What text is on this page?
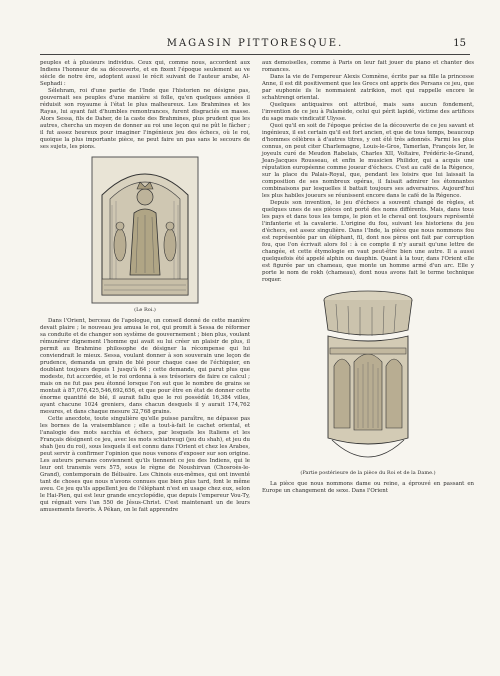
MAGASIN PITTORESQUE.	15

peuples et à plusieurs individus. Ceux qui, comme nous, accordent aux Indiens l'honneur de sa découverte, et en fixent l'époque seulement au ve siècle de notre ère, adoptent aussi le récit suivant de l'auteur arabe, Al-Sephadi :

Sélehram, roi d'une partie de l'Inde que l'historien ne désigne pas, gouvernait ses peuples d'une manière si folle, qu'en quelques années il réduisit son royaume à l'état le plus malheureux. Les Brahmines et les Rayas, lui ayant fait d'humbles remontrances, furent disgraciés en masse. Alors Sessa, fils de Daher, de la caste des Brahmines, plus prudent que les autres, chercha un moyen de donner au roi une leçon qui ne pût le fâcher ; il fut assez heureux pour imaginer l'ingénieux jeu des échecs, où le roi, quoique la plus importante pièce, ne peut faire un pas sans le secours de ses sujets, les pions.

(Le Roi.)

Dans l'Orient, berceau de l'apologue, un conseil donné de cette manière devait plaire ; le nouveau jeu amusa le roi, qui promit à Sessa de réformer sa conduite et de changer son système de gouvernement ; bien plus, voulant rémunérer dignement l'homme qui avait su lui créer un plaisir de plus, il permit au Brahmine philosophe de désigner la récompense qui lui conviendrait le mieux. Sessa, voulant donner à son souverain une leçon de prudence, demanda un grain de blé pour chaque case de l'échiquier, en doublant toujours depuis 1 jusqu'à 64 ; cette demande, qui parut plus que modeste, fut accordée, et le roi ordonna à ses trésoriers de faire ce calcul ; mais on ne fut pas peu étonné lorsque l'on sut que le nombre de grains se montait à 87,076,425,546,692,656, et que pour être en état de donner cette énorme quantité de blé, il aurait fallu que le roi possédât 16,384 villes, ayant chacune 1024 greniers, dans chacun desquels il y aurait 174,762 mesures, et dans chaque mesure 32,768 grains.

Cette anecdote, toute singulière qu'elle puisse paraître, ne dépasse pas les bornes de la vraisemblance ; elle a tout-à-fait le cachet oriental, et l'analogie des mots sacchia et échecs, par lesquels les Italiens et les Français désignent ce jeu, avec les mots schiatreugi (jeu du shah), et jeu du shah (jeu du roi), sous lesquels il est connu dans l'Orient et chez les Arabes, peut servir à confirmer l'opinion que nous venons d'exposer sur son origine. Les auteurs persans conviennent qu'ils tiennent ce jeu des Indiens, qui le leur ont transmis vers 575, sous le règne de Noushirvan (Chosroès-le-Grand), contemporain de Bélisaire. Les Chinois eux-mêmes, qui ont inventé tant de choses que nous n'avons connues que bien plus tard, font le même aveu. Ce jeu qu'ils appellent jeu de l'éléphant n'est en usage chez eux, selon le Hai-Pien, qui est leur grande encyclopédie, que depuis l'empereur Vou-Ty, qui régnait vers l'an 550 de Jésus-Christ. C'est maintenant un de leurs amusements favoris. À Pékan, on le fait apprendre

aux demoiselles, comme à Paris on leur fait jouer du piano et chanter des romances.

Dans la vie de l'empereur Alexis Comnène, écrite par sa fille la princesse Anne, il est dit positivement que les Grecs ont appris des Persans ce jeu, que par euphonie ils le nommaient zatrikion, mot qui rappelle encore le schahtrengi oriental.

Quelques antiquaires ont attribué, mais sans aucun fondement, l'invention de ce jeu à Palamède, celui qui périt lapidé, victime des artifices du sage mais vindicatif Ulysse.

Quoi qu'il en soit de l'époque précise de la découverte de ce jeu savant et ingénieux, il est certain qu'il est fort ancien, et que de tous temps, beaucoup d'hommes célèbres à d'autres titres, y ont été très adonnés. Parmi les plus connus, on peut citer Charlemagne, Louis-le-Gros, Tamerlan, François Ier, le joyeulx curé de Meudon Rabelais, Charles XII, Voltaire, Frédéric-le-Grand, Jean-Jacques Rousseau, et enfin le musicien Philidor, qui a acquis une réputation européenne comme joueur d'échecs. C'est au café de la Régence, sur la place du Palais-Royal, que, pendant les loisirs que lui laissait la composition de ses nombreux opéras, il faisait admirer les étonnantes combinaisons par lesquelles il battait toujours ses adversaires. Aujourd'hui les plus habiles joueurs se réunissent encore dans le café de la Régence.

Depuis son invention, le jeu d'échecs a souvent changé de règles, et quelques unes de ses pièces ont porté des noms différents. Mais, dans tous les pays et dans tous les temps, le pion et le cheval ont toujours représenté l'infanterie et la cavalerie. L'origine du fou, suivant les historiens du jeu d'échecs, est assez singulière. Dans l'Inde, la pièce que nous nommons fou est représentée par un éléphant, fil, dont nos pères ont fait par corruption fou, que l'on écrivait alors fol : à ce compte il n'y aurait qu'une lettre de changée, et cette étymologie en vaut peut-être bien une autre. Il a aussi quelquefois été appelé alphin ou dauphin. Quant à la tour, dans l'Orient elle est figurée par un chameau, que monte un homme armé d'un arc. Elle y porte le nom de rokh (chameau), dont nous avons fait le terme technique roquer.

(Partie postérieure de la pièce du Roi et de la Dame.)

La pièce que nous nommons dame ou reine, a éprouvé en passant en Europe un changement de sexe. Dans l'Orient
